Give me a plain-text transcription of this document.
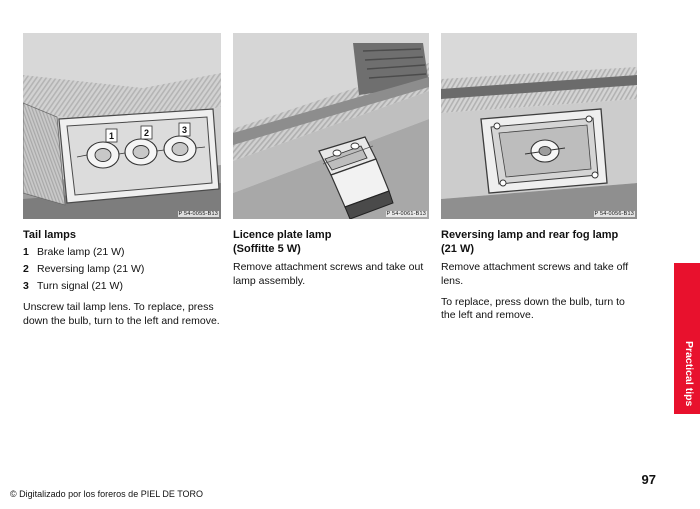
1	2	3
P 54-0055-B13
Tail lamps
1 Brake lamp (21 W)
2 Reversing lamp (21 W)
3 Turn signal (21 W)

Unscrew tail lamp lens. To replace, press down the bulb, turn to the left and remove.

P 54-0061-B13
Licence plate lamp
(Soffitte 5 W)

Remove attachment screws and take out lamp assembly.

P 54-0056-B13
Reversing lamp and rear fog lamp
(21 W)

Remove attachment screws and take off lens.

To replace, press down the bulb, turn to the left and remove.

Practical tips
97
© Digitalizado por los foreros de PIEL DE TORO
